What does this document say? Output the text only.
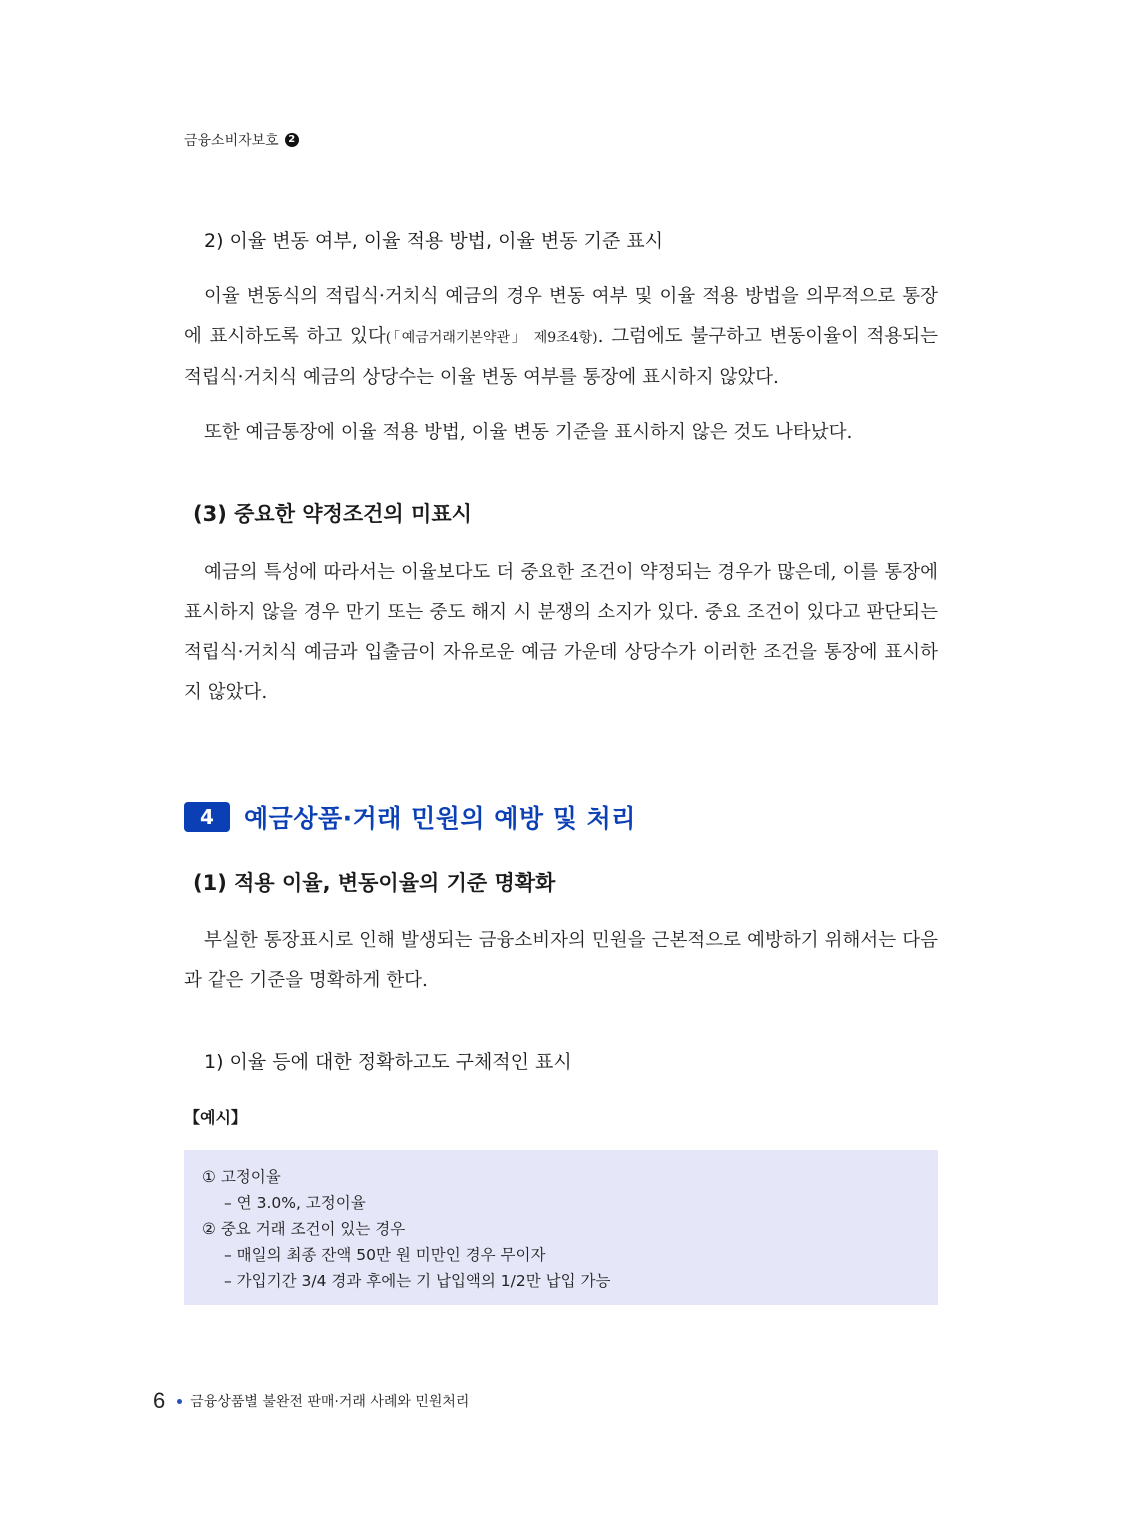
금융소비자보호 2
2) 이율 변동 여부, 이율 적용 방법, 이율 변동 기준 표시

이율 변동식의 적립식·거치식 예금의 경우 변동 여부 및 이율 적용 방법을 의무적으로 통장에 표시하도록 하고 있다(「예금거래기본약관」 제9조4항). 그럼에도 불구하고 변동이율이 적용되는 적립식·거치식 예금의 상당수는 이율 변동 여부를 통장에 표시하지 않았다.

또한 예금통장에 이율 적용 방법, 이율 변동 기준을 표시하지 않은 것도 나타났다.

(3) 중요한 약정조건의 미표시

예금의 특성에 따라서는 이율보다도 더 중요한 조건이 약정되는 경우가 많은데, 이를 통장에 표시하지 않을 경우 만기 또는 중도 해지 시 분쟁의 소지가 있다. 중요 조건이 있다고 판단되는 적립식·거치식 예금과 입출금이 자유로운 예금 가운데 상당수가 이러한 조건을 통장에 표시하지 않았다.

4	예금상품·거래 민원의 예방 및 처리
(1) 적용 이율, 변동이율의 기준 명확화

부실한 통장표시로 인해 발생되는 금융소비자의 민원을 근본적으로 예방하기 위해서는 다음과 같은 기준을 명확하게 한다.

1) 이율 등에 대한 정확하고도 구체적인 표시
【예시】
① 고정이율
– 연 3.0%, 고정이율
② 중요 거래 조건이 있는 경우
– 매일의 최종 잔액 50만 원 미만인 경우 무이자
– 가입기간 3/4 경과 후에는 기 납입액의 1/2만 납입 가능
6 금융상품별 불완전 판매·거래 사례와 민원처리
